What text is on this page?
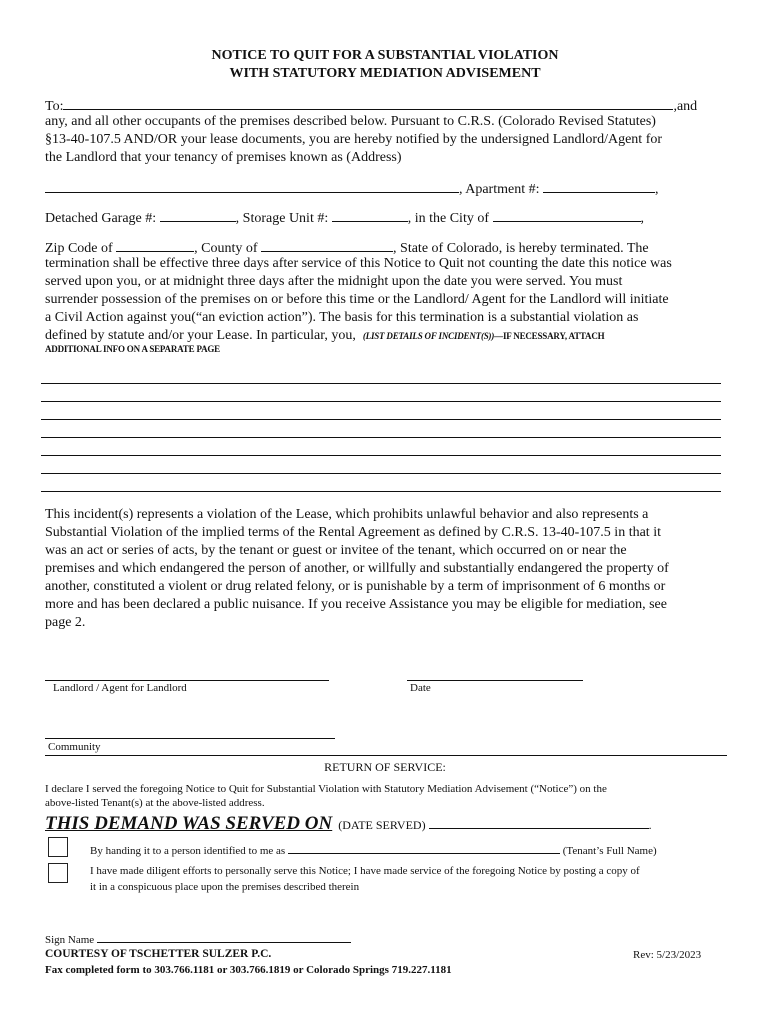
NOTICE TO QUIT FOR A SUBSTANTIAL VIOLATION
WITH STATUTORY MEDIATION ADVISEMENT
To:	,and
any, and all other occupants of the premises described below. Pursuant to C.R.S. (Colorado Revised Statutes)
§13-40-107.5 AND/OR your lease documents, you are hereby notified by the undersigned Landlord/Agent for
the Landlord that your tenancy of premises known as (Address)
, Apartment #:	,
Detached Garage #:	, Storage Unit #:	, in the City of	,
Zip Code of	, County of	, State of Colorado, is hereby terminated. The
termination shall be effective three days after service of this Notice to Quit not counting the date this notice was
served upon you, or at midnight three days after the midnight upon the date you were served. You must
surrender possession of the premises on or before this time or the Landlord/ Agent for the Landlord will initiate
a Civil Action against you(“an eviction action”). The basis for this termination is a substantial violation as
defined by statute and/or your Lease. In particular, you, (LIST DETAILS OF INCIDENT(S))—IF NECESSARY, ATTACH
ADDITIONAL INFO ON A SEPARATE PAGE
This incident(s) represents a violation of the Lease, which prohibits unlawful behavior and also represents a
Substantial Violation of the implied terms of the Rental Agreement as defined by C.R.S. 13-40-107.5 in that it
was an act or series of acts, by the tenant or guest or invitee of the tenant, which occurred on or near the
premises and which endangered the person of another, or willfully and substantially endangered the property of
another, constituted a violent or drug related felony, or is punishable by a term of imprisonment of 6 months or
more and has been declared a public nuisance. If you receive Assistance you may be eligible for mediation, see
page 2.
Landlord / Agent for Landlord	Date
Community
RETURN OF SERVICE:
I declare I served the foregoing Notice to Quit for Substantial Violation with Statutory Mediation Advisement (“Notice”) on the
above-listed Tenant(s) at the above-listed address.
THIS DEMAND WAS SERVED ON (DATE SERVED)	.
By handing it to a person identified to me as	(Tenant’s Full Name)
I have made diligent efforts to personally serve this Notice; I have made service of the foregoing Notice by posting a copy of
it in a conspicuous place upon the premises described therein
Sign Name
COURTESY OF TSCHETTER SULZER P.C.	Rev: 5/23/2023
Fax completed form to 303.766.1181 or 303.766.1819 or Colorado Springs 719.227.1181
